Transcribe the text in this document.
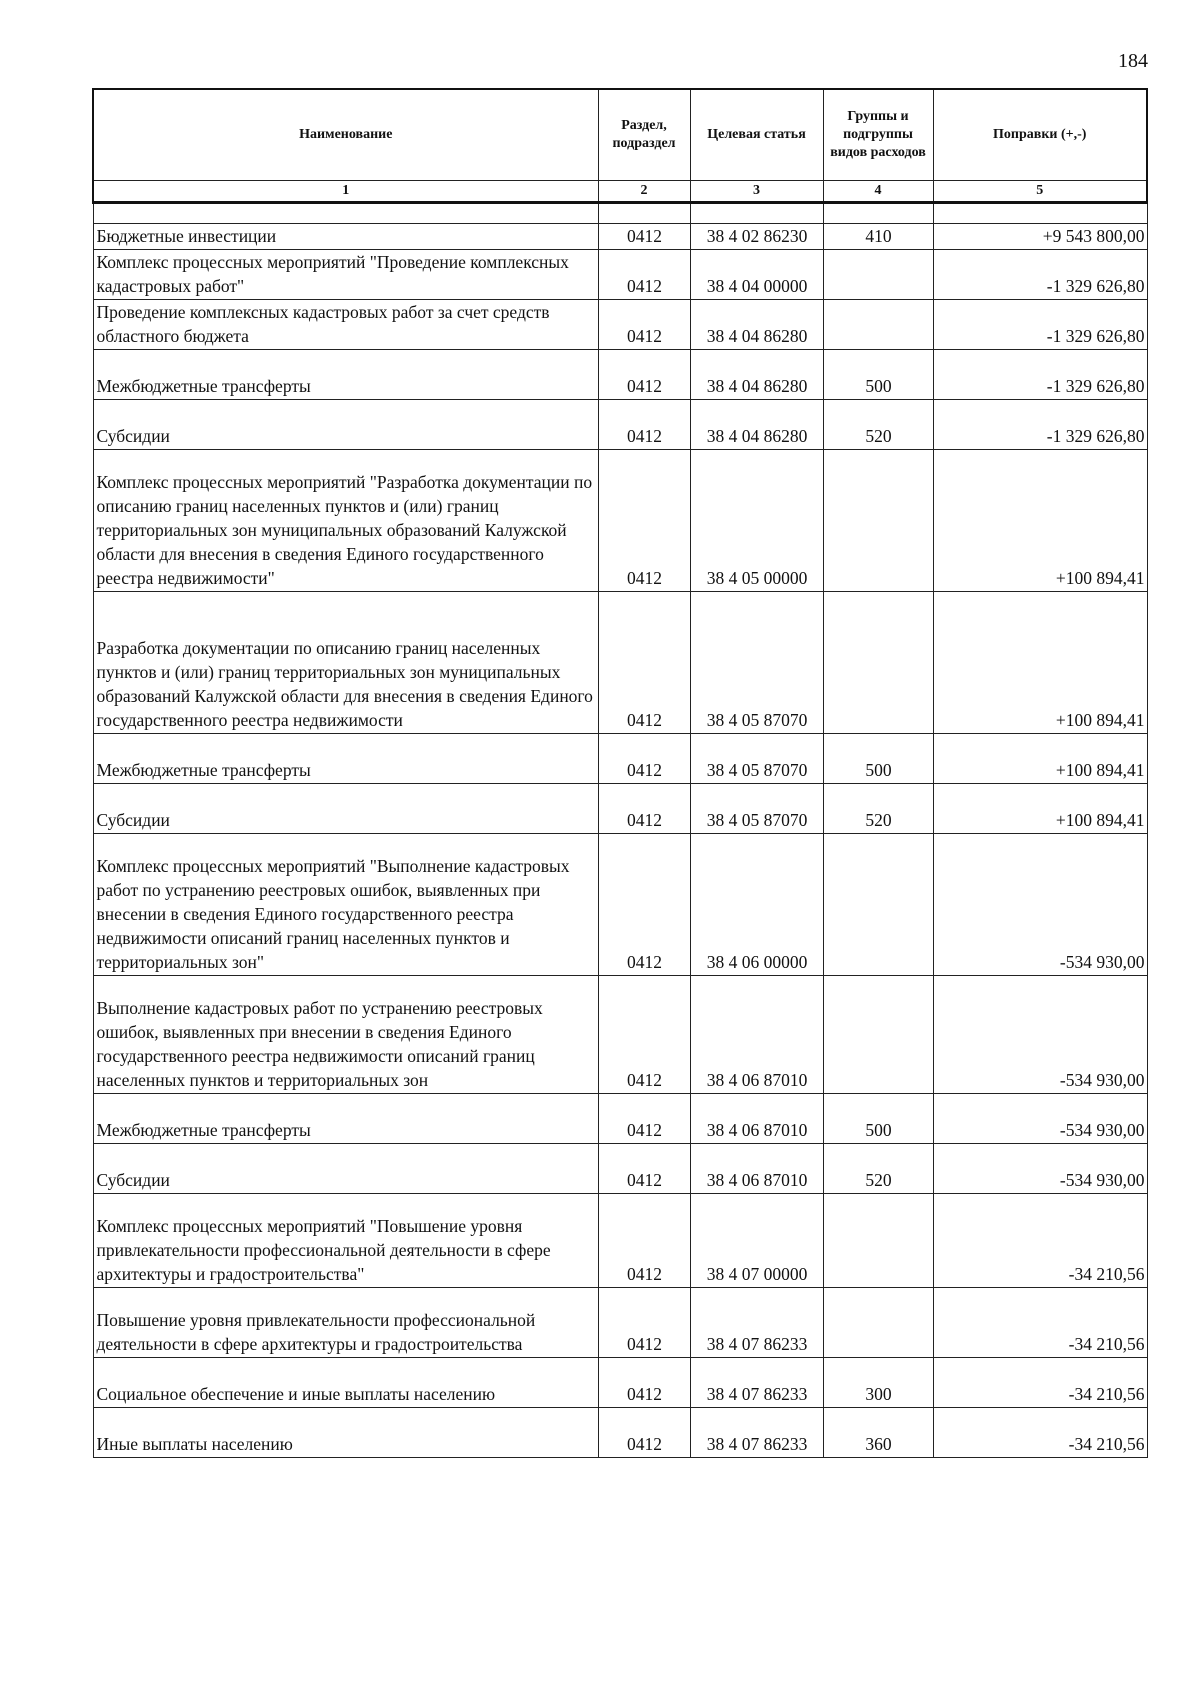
184
Наименование	Раздел, подраздел	Целевая статья	Группы и подгруппы видов расходов	Поправки (+,-)
1	2	3	4	5

Бюджетные инвестиции	0412	38 4 02 86230	410	+9 543 800,00
Комплекс процессных мероприятий "Проведение комплексных кадастровых работ"	0412	38 4 04 00000		-1 329 626,80
Проведение комплексных кадастровых работ за счет средств областного бюджета	0412	38 4 04 86280		-1 329 626,80
Межбюджетные трансферты	0412	38 4 04 86280	500	-1 329 626,80
Субсидии	0412	38 4 04 86280	520	-1 329 626,80
Комплекс процессных мероприятий "Разработка документации по описанию границ населенных пунктов и (или) границ территориальных зон муниципальных образований Калужской области для внесения в сведения Единого государственного реестра недвижимости"	0412	38 4 05 00000		+100 894,41
Разработка документации по описанию границ населенных пунктов и (или) границ территориальных зон муниципальных образований Калужской области для внесения в сведения Единого государственного реестра недвижимости	0412	38 4 05 87070		+100 894,41
Межбюджетные трансферты	0412	38 4 05 87070	500	+100 894,41
Субсидии	0412	38 4 05 87070	520	+100 894,41
Комплекс процессных мероприятий "Выполнение кадастровых работ по устранению реестровых ошибок, выявленных при внесении в сведения Единого государственного реестра недвижимости описаний границ населенных пунктов и территориальных зон"	0412	38 4 06 00000		-534 930,00
Выполнение кадастровых работ по устранению реестровых ошибок, выявленных при внесении в сведения Единого государственного реестра недвижимости описаний границ населенных пунктов и территориальных зон	0412	38 4 06 87010		-534 930,00
Межбюджетные трансферты	0412	38 4 06 87010	500	-534 930,00
Субсидии	0412	38 4 06 87010	520	-534 930,00
Комплекс процессных мероприятий "Повышение уровня привлекательности профессиональной деятельности в сфере архитектуры и градостроительства"	0412	38 4 07 00000		-34 210,56
Повышение уровня привлекательности профессиональной деятельности в сфере архитектуры и градостроительства	0412	38 4 07 86233		-34 210,56
Социальное обеспечение и иные выплаты населению	0412	38 4 07 86233	300	-34 210,56
Иные выплаты населению	0412	38 4 07 86233	360	-34 210,56
